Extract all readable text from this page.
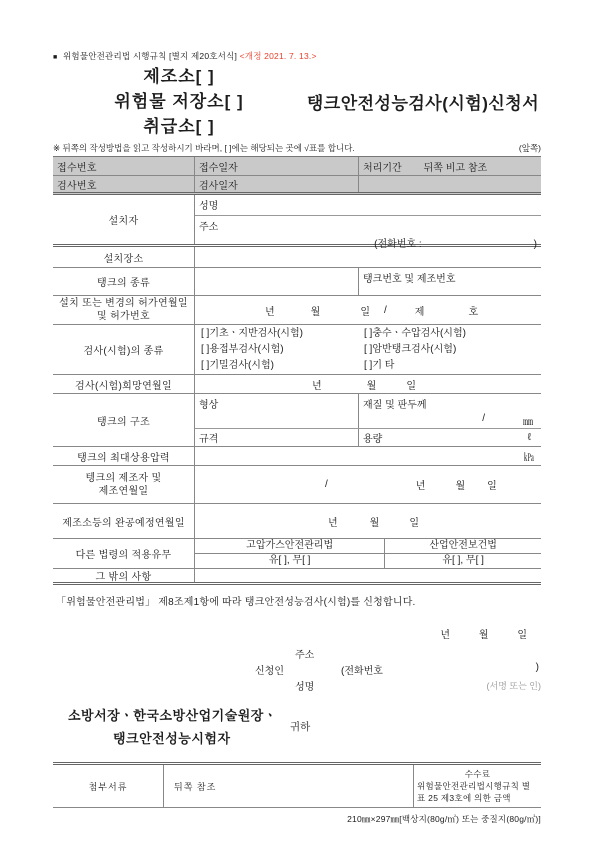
■ 위험물안전관리법 시행규칙 [별지 제20호서식] <개정 2021. 7. 13.>
제조소[ ]
위험물 저장소[ ]
취급소[ ]
탱크안전성능검사(시험)신청서
※ 뒤쪽의 작성방법을 읽고 작성하시기 바라며, [ ]에는 해당되는 곳에 √표를 합니다.	(앞쪽)
접수번호	접수일자	처리기간 뒤쪽 비고 참조
검사번호	검사일자
설치자
성명
주소
(전화번호 :	)
설치장소
탱크의 종류	탱크번호 및 제조번호
설치 또는 변경의 허가연월일
및 허가번호	년	월	일 /	제	호
검사(시험)의 종류
[ ]기초ㆍ지반검사(시험)
[ ]용접부검사(시험)
[ ]기밀검사(시험)
[ ]충수ㆍ수압검사(시험)
[ ]암반탱크검사(시험)
[ ]기 타
검사(시험)희망연월일	년	월	일
탱크의 구조
형상	재질 및 판두께
/	㎜
규격	용량	ℓ
탱크의 최대상용압력	㎪
텡크의 제조자 및
제조연월일
/	년	월 일
제조소등의 완공예정연월일	년	월	일
다른 법령의 적용유무
고압가스안전관리법	산업안전보건법
유[ ], 무[ ]	유[ ], 무[ ]
그 밖의 사항
「위험물안전관리법」 제8조제1항에 따라 탱크안전성능검사(시험)를 신청합니다.
년	월	일
주소
신청인	(전화번호	)
성명	(서명 또는 인)
소방서장ㆍ한국소방산업기술원장ㆍ
귀하
탱크안전성능시험자
첨부서류	뒤쪽 참조
수수료
위험물안전관리법시행규칙 별
표 25 제3호에 의한 금액
210㎜×297㎜[백상지(80g/㎡) 또는 중질지(80g/㎡)]
